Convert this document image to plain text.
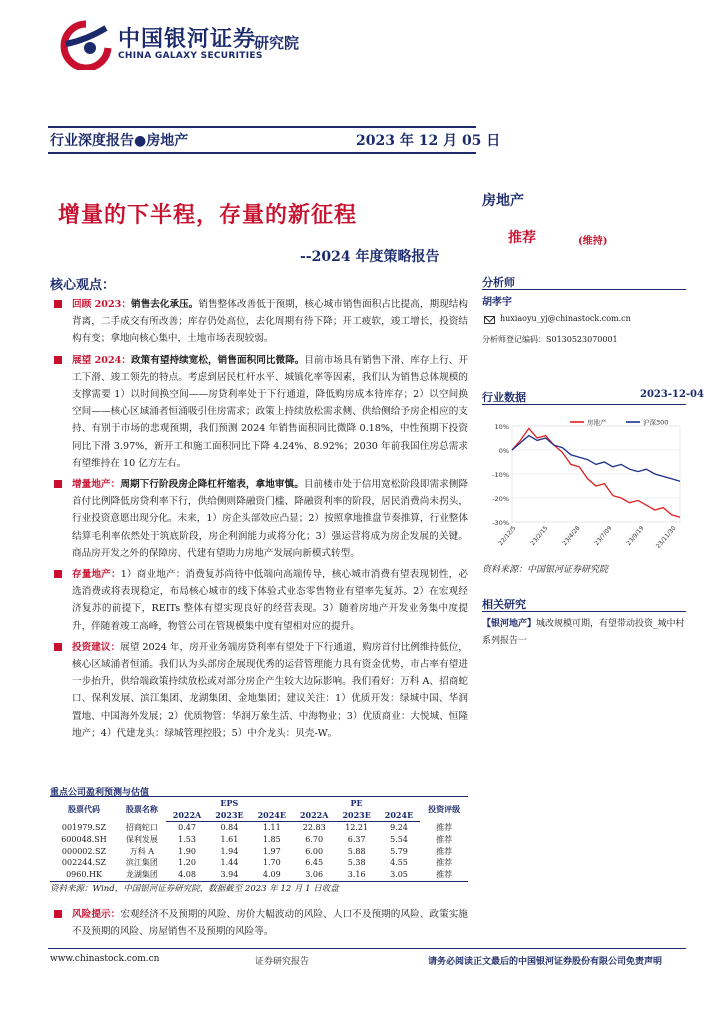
中国银河证券
研究院
CHINA GALAXY SECURITIES
行业深度报告●房地产	2023 年 12 月 05 日
增量的下半程，存量的新征程
--2024 年度策略报告
核心观点：

回顾 2023：销售去化承压。销售整体改善低于预期，核心城市销售面积占比提高，期现结构背离，二手成交有所改善；库存仍处高位，去化周期有待下降；开工疲软，竣工增长，投资结构有变；拿地向核心集中，土地市场表现较弱。

展望 2024：政策有望持续宽松，销售面积同比微降。目前市场具有销售下滑、库存上行、开工下滑、竣工领先的特点。考虑到居民杠杆水平、城镇化率等因素，我们认为销售总体规模的支撑需要 1）以时间换空间——房贷利率处于下行通道，降低购房成本待库存；2）以空间换空间——核心区域涌者恒涌吸引住房需求；政策上持续放松需求侧、供给侧给予房企相应的支持、有别于市场的悲观预期，我们预测 2024 年销售面积同比微降 0.18%，中性预期下投资同比下滑 3.97%，新开工和施工面积同比下降 4.24%、8.92%；2030 年前我国住房总需求有望维持在 10 亿方左右。

增量地产：周期下行阶段房企降杠杆缩表，拿地审慎。目前楼市处于信用宽松阶段即需求侧降首付比例降低房贷利率下行，供给侧则降融资门槛、降融资利率的阶段，居民消费尚未拐头，行业投资意愿出现分化。未来，1）房企头部效应凸显；2）按照拿地推盘节奏推算，行业整体结算毛利率依然处于筑底阶段，房企利润能力或将分化；3）强运营将成为房企发展的关键。商品房开发之外的保障房、代建有望助力房地产发展向新模式转型。

存量地产：1）商业地产：消费复苏尚待中低端向高端传导，核心城市消费有望表现韧性，必选消费或将表现稳定，布局核心城市的线下体验式业态零售物业有望率先复苏。2）在宏观经济复苏的前提下，REITs 整体有望实现良好的经营表现。3）随着房地产开发业务集中度提升，伴随着竣工高峰，物管公司在管规模集中度有望相对应的提升。

投资建议：展望 2024 年，房开业务端房贷利率有望处于下行通道，购房首付比例维持低位，核心区域涌者恒涌。我们认为头部房企展现优秀的运营管理能力具有资金优势，市占率有望进一步抬升，供给端政策持续放松或对部分房企产生较大边际影响。我们看好：万科 A、招商蛇口、保利发展、滨江集团、龙湖集团、金地集团；建议关注：1）优质开发：绿城中国、华润置地、中国海外发展；2）优质物管：华润万象生活、中海物业；3）优质商业：大悦城、恒隆地产；4）代建龙头：绿城管理控股；5）中介龙头：贝壳-W。

重点公司盈利预测与估值
股票代码	股票名称	EPS			PE			投资评级
		2022A	2023E	2024E	2022A	2023E	2024E	
001979.SZ	招商蛇口	0.47	0.84	1.11	22.83	12.21	9.24	推荐
600048.SH	保利发展	1.53	1.61	1.85	6.70	6.37	5.54	推荐
000002.SZ	万科 A	1.90	1.94	1.97	6.00	5.88	5.79	推荐
002244.SZ	滨江集团	1.20	1.44	1.70	6.45	5.38	4.55	推荐
0960.HK	龙湖集团	4.08	3.94	4.09	3.06	3.16	3.05	推荐
资料来源：Wind，中国银河证券研究院，数据截至 2023 年 12 月 1 日收盘

风险提示：宏观经济不及预期的风险、房价大幅波动的风险、人口不及预期的风险、政策实施不及预期的风险、房屋销售不及预期的风险等。

房地产
推荐	(维持)
分析师
胡孝宇
huxiaoyu_yj@chinastock.com.cn
分析师登记编码：S0130523070001
行业数据	2023-12-04
10%
0%
-10%
-20%
-30%
22/12/5 23/2/15 23/4/28 23/7/09 23/9/19 23/11/30
房地产	沪深300
资料来源：中国银河证券研究院
相关研究
【银河地产】城改规模可期，有望带动投资_城中村系列报告一
www.chinastock.com.cn	证券研究报告	请务必阅读正文最后的中国银河证券股份有限公司免责声明
